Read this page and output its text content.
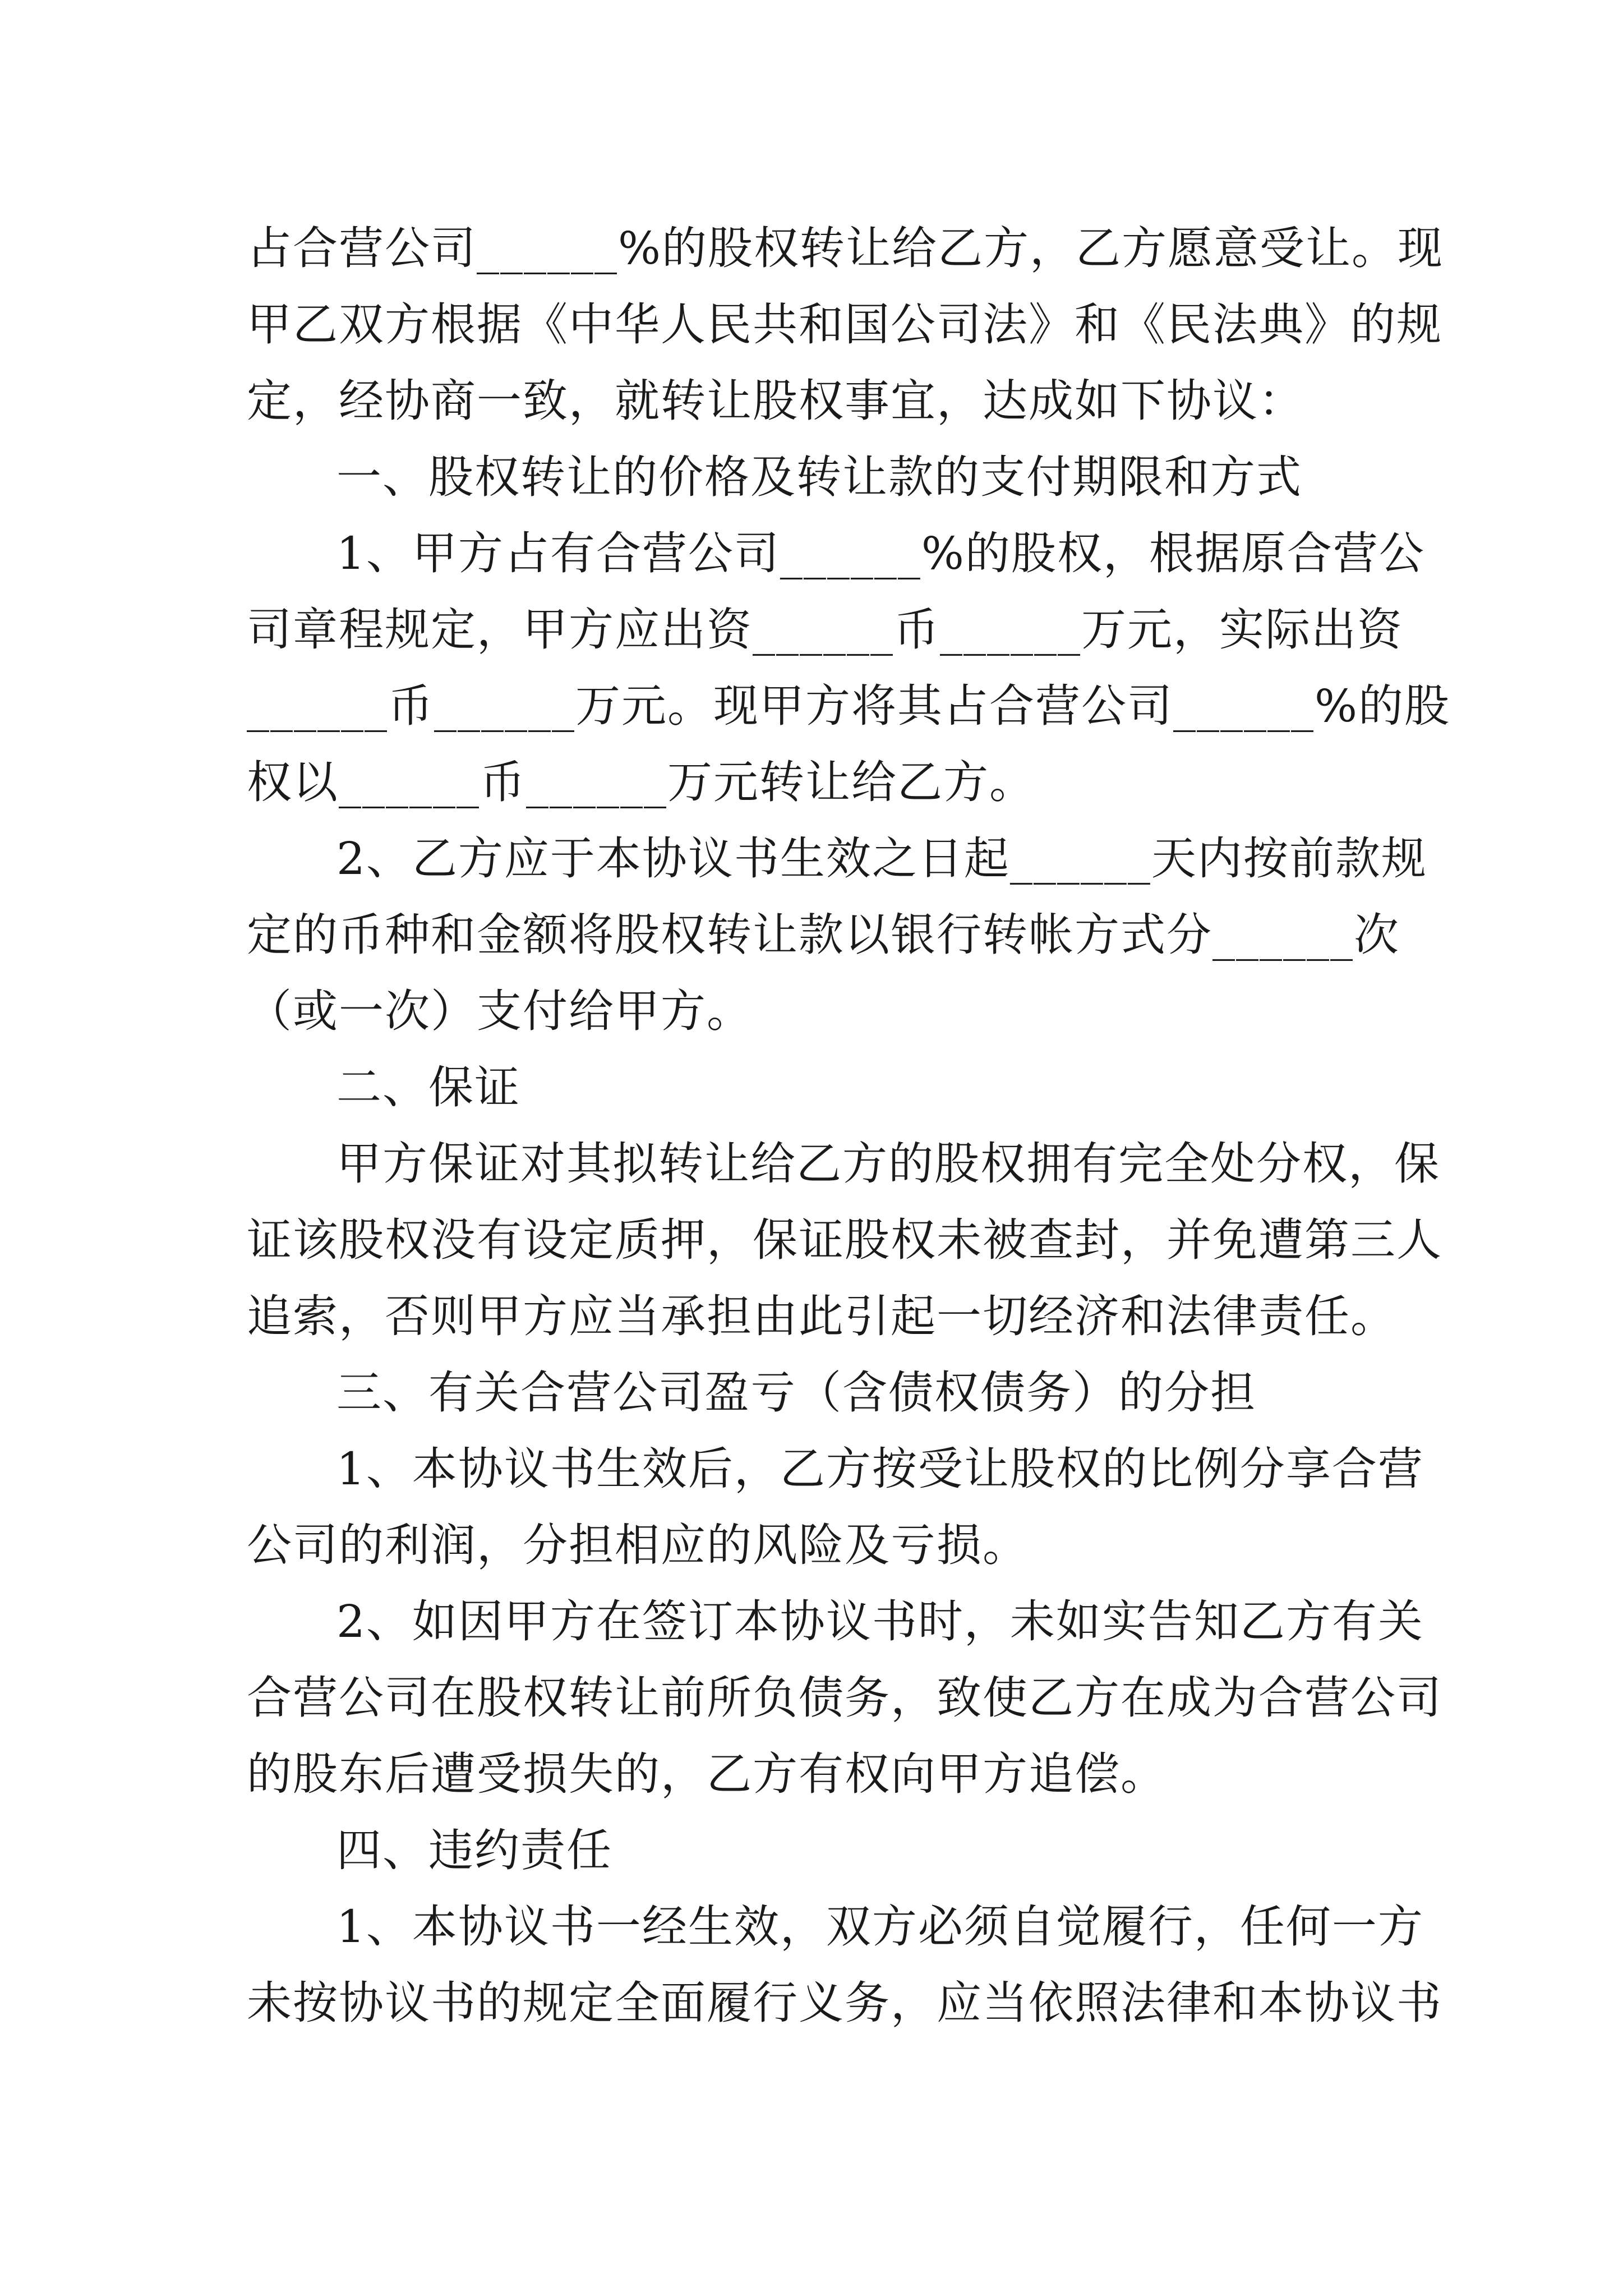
占合营公司______%的股权转让给乙方，乙方愿意受让。现
甲乙双方根据《中华人民共和国公司法》和《民法典》的规
定，经协商一致，就转让股权事宜，达成如下协议：
一、股权转让的价格及转让款的支付期限和方式
1、甲方占有合营公司______%的股权，根据原合营公
司章程规定，甲方应出资______币______万元，实际出资
______币______万元。现甲方将其占合营公司______%的股
权以______币______万元转让给乙方。
2、乙方应于本协议书生效之日起______天内按前款规
定的币种和金额将股权转让款以银行转帐方式分______次
（或一次）支付给甲方。
二、保证
甲方保证对其拟转让给乙方的股权拥有完全处分权，保
证该股权没有设定质押，保证股权未被查封，并免遭第三人
追索，否则甲方应当承担由此引起一切经济和法律责任。
三、有关合营公司盈亏（含债权债务）的分担
1、本协议书生效后，乙方按受让股权的比例分享合营
公司的利润，分担相应的风险及亏损。
2、如因甲方在签订本协议书时，未如实告知乙方有关
合营公司在股权转让前所负债务，致使乙方在成为合营公司
的股东后遭受损失的，乙方有权向甲方追偿。
四、违约责任
1、本协议书一经生效，双方必须自觉履行，任何一方
未按协议书的规定全面履行义务，应当依照法律和本协议书
